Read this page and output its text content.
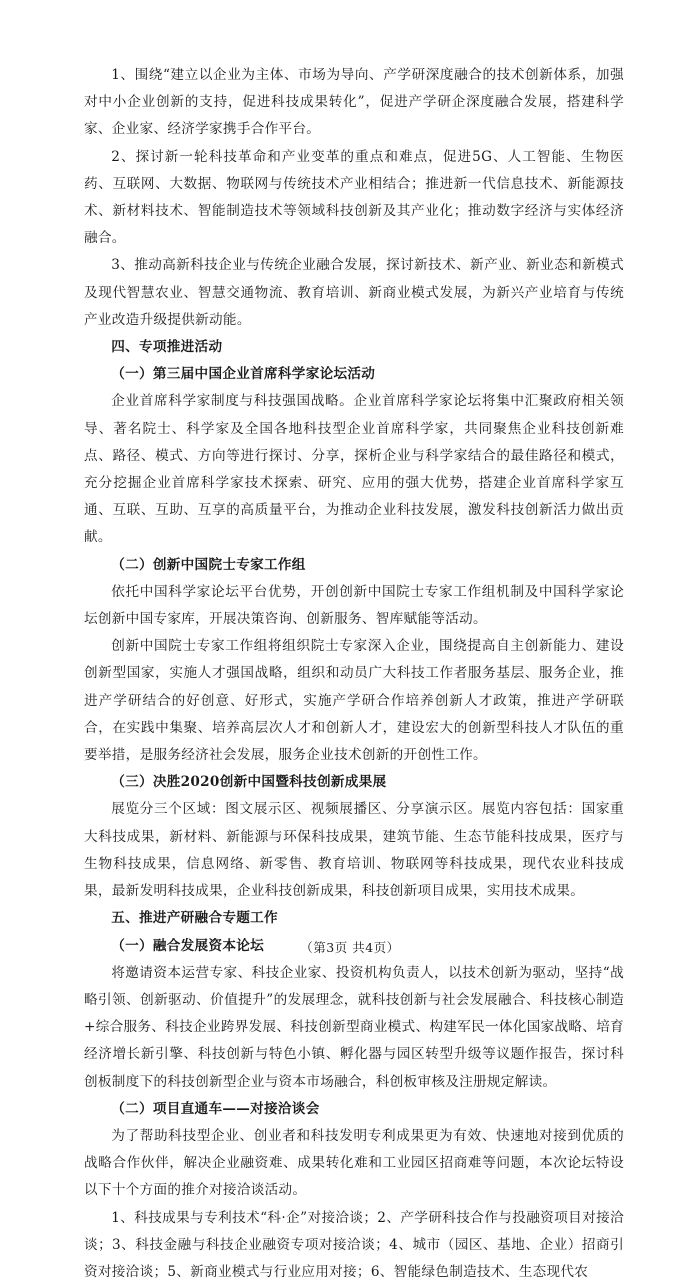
1、围绕“建立以企业为主体、市场为导向、产学研深度融合的技术创新体系，加强对中小企业创新的支持，促进科技成果转化”，促进产学研企深度融合发展，搭建科学家、企业家、经济学家携手合作平台。

2、探讨新一轮科技革命和产业变革的重点和难点，促进5G、人工智能、生物医药、互联网、大数据、物联网与传统技术产业相结合；推进新一代信息技术、新能源技术、新材料技术、智能制造技术等领域科技创新及其产业化；推动数字经济与实体经济融合。

3、推动高新科技企业与传统企业融合发展，探讨新技术、新产业、新业态和新模式及现代智慧农业、智慧交通物流、教育培训、新商业模式发展，为新兴产业培育与传统产业改造升级提供新动能。

四、专项推进活动

（一）第三届中国企业首席科学家论坛活动

企业首席科学家制度与科技强国战略。企业首席科学家论坛将集中汇聚政府相关领导、著名院士、科学家及全国各地科技型企业首席科学家，共同聚焦企业科技创新难点、路径、模式、方向等进行探讨、分享，探析企业与科学家结合的最佳路径和模式，充分挖掘企业首席科学家技术探索、研究、应用的强大优势，搭建企业首席科学家互通、互联、互助、互享的高质量平台，为推动企业科技发展，激发科技创新活力做出贡献。

（二）创新中国院士专家工作组

依托中国科学家论坛平台优势，开创创新中国院士专家工作组机制及中国科学家论坛创新中国专家库，开展决策咨询、创新服务、智库赋能等活动。

创新中国院士专家工作组将组织院士专家深入企业，围绕提高自主创新能力、建设创新型国家，实施人才强国战略，组织和动员广大科技工作者服务基层、服务企业，推进产学研结合的好创意、好形式，实施产学研合作培养创新人才政策，推进产学研联合，在实践中集聚、培养高层次人才和创新人才，建设宏大的创新型科技人才队伍的重要举措，是服务经济社会发展，服务企业技术创新的开创性工作。

（三）决胜2020创新中国暨科技创新成果展

展览分三个区域：图文展示区、视频展播区、分享演示区。展览内容包括：国家重大科技成果，新材料、新能源与环保科技成果，建筑节能、生态节能科技成果，医疗与生物科技成果，信息网络、新零售、教育培训、物联网等科技成果，现代农业科技成果，最新发明科技成果，企业科技创新成果，科技创新项目成果，实用技术成果。

五、推进产研融合专题工作

（一）融合发展资本论坛

将邀请资本运营专家、科技企业家、投资机构负责人，以技术创新为驱动，坚持“战略引领、创新驱动、价值提升”的发展理念，就科技创新与社会发展融合、科技核心制造+综合服务、科技企业跨界发展、科技创新型商业模式、构建军民一体化国家战略、培育经济增长新引擎、科技创新与特色小镇、孵化器与园区转型升级等议题作报告，探讨科创板制度下的科技创新型企业与资本市场融合，科创板审核及注册规定解读。

（二）项目直通车——对接洽谈会

为了帮助科技型企业、创业者和科技发明专利成果更为有效、快速地对接到优质的战略合作伙伴，解决企业融资难、成果转化难和工业园区招商难等问题，本次论坛特设以下十个方面的推介对接洽谈活动。

1、科技成果与专利技术“科·企”对接洽谈；2、产学研科技合作与投融资项目对接洽谈；3、科技金融与科技企业融资专项对接洽谈；4、城市（园区、基地、企业）招商引资对接洽谈；5、新商业模式与行业应用对接；6、智能绿色制造技术、生态现代农

（第3页 共4页）
